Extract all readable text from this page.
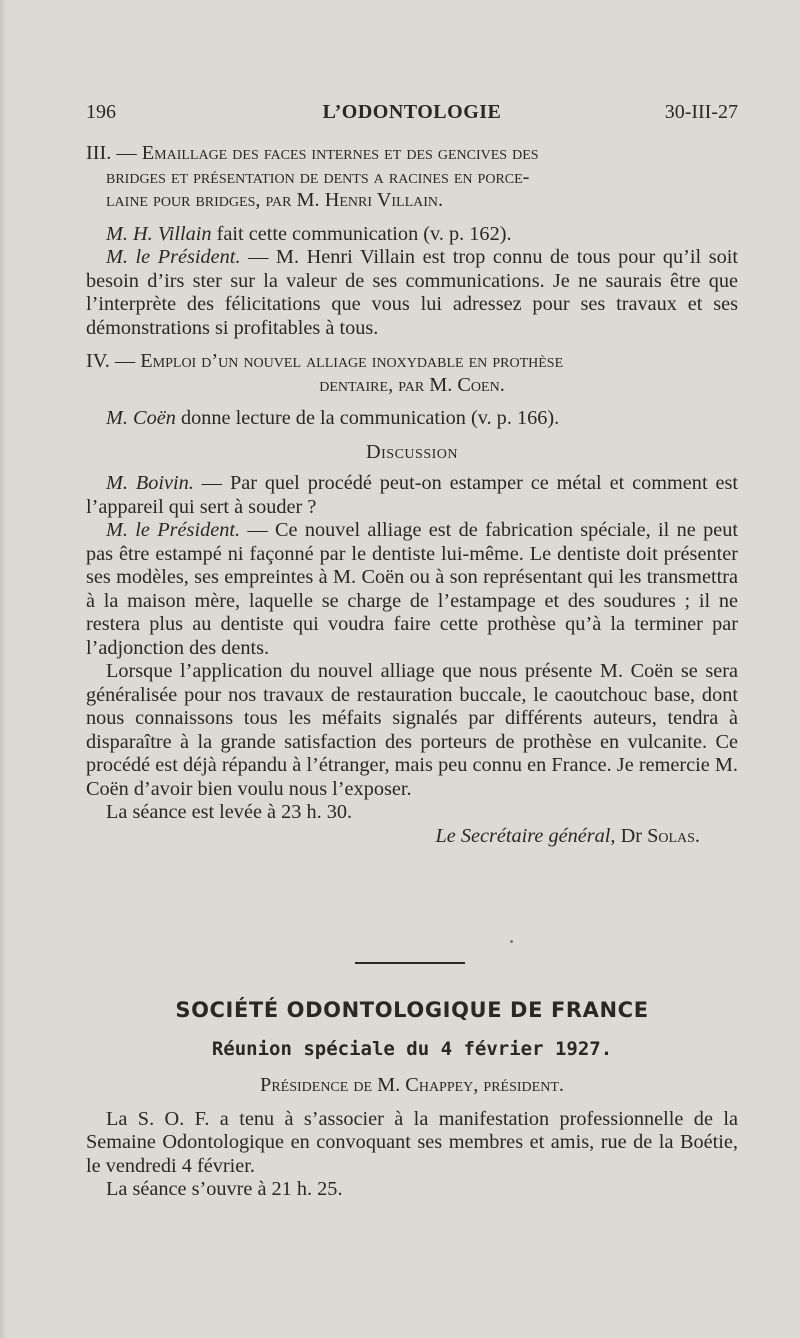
L’ODONTOLOGIE
196	30-III-27
III. — Emaillage des faces internes et des gencives des
bridges et présentation de dents a racines en porce-
laine pour bridges, par M. Henri Villain.

M. H. Villain fait cette communication (v. p. 162).

M. le Président. — M. Henri Villain est trop connu de tous pour qu’il soit besoin d’irs ster sur la valeur de ses communications. Je ne saurais être que l’interprète des félicitations que vous lui adressez pour ses travaux et ses démonstrations si profitables à tous.

IV. — Emploi d’un nouvel alliage inoxydable en prothèse
dentaire, par M. Coen.

M. Coën donne lecture de la communication (v. p. 166).

Discussion

M. Boivin. — Par quel procédé peut-on estamper ce métal et comment est l’appareil qui sert à souder ?

M. le Président. — Ce nouvel alliage est de fabrication spéciale, il ne peut pas être estampé ni façonné par le dentiste lui-même. Le dentiste doit présenter ses modèles, ses empreintes à M. Coën ou à son représentant qui les transmettra à la maison mère, laquelle se charge de l’estampage et des soudures ; il ne restera plus au dentiste qui voudra faire cette prothèse qu’à la terminer par l’adjonction des dents.

Lorsque l’application du nouvel alliage que nous présente M. Coën se sera généralisée pour nos travaux de restauration buccale, le caoutchouc base, dont nous connaissons tous les méfaits signalés par différents auteurs, tendra à disparaître à la grande satisfaction des porteurs de prothèse en vulcanite. Ce procédé est déjà répandu à l’étranger, mais peu connu en France. Je remercie M. Coën d’avoir bien voulu nous l’exposer.

La séance est levée à 23 h. 30.

Le Secrétaire général, Dr Solas.

SOCIÉTÉ ODONTOLOGIQUE DE FRANCE
Réunion spéciale du 4 février 1927.

Présidence de M. Chappey, président.

La S. O. F. a tenu à s’associer à la manifestation professionnelle de la Semaine Odontologique en convoquant ses membres et amis, rue de la Boétie, le vendredi 4 février.

La séance s’ouvre à 21 h. 25.
